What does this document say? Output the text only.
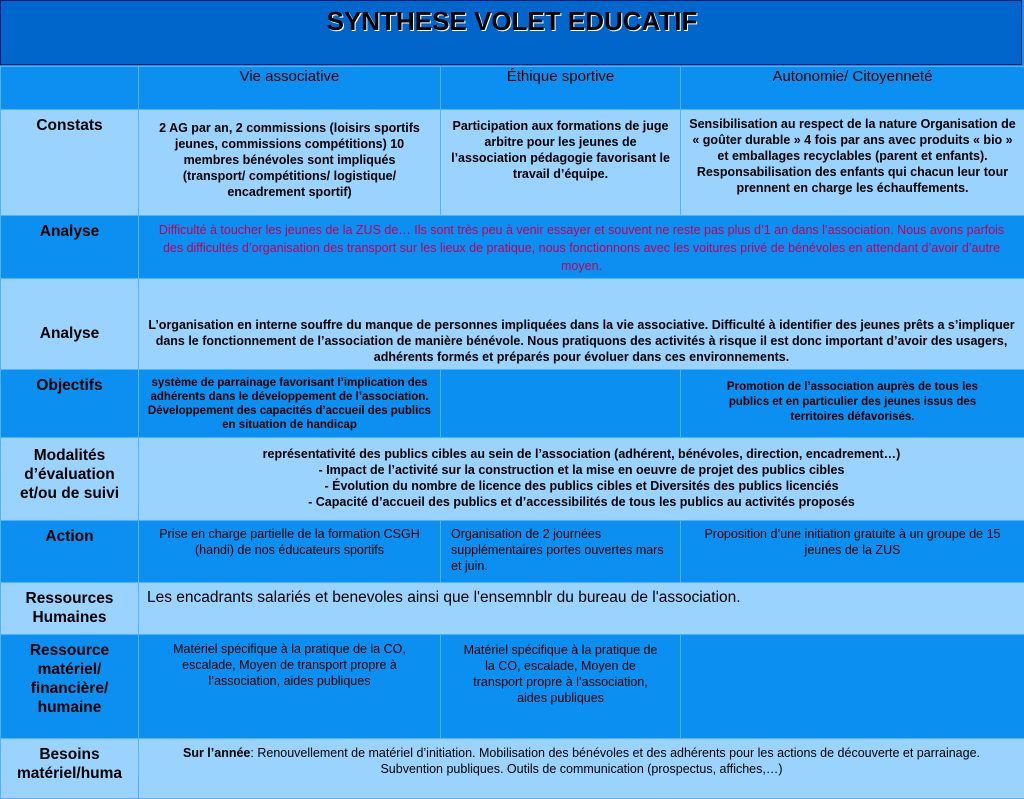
SYNTHESE VOLET EDUCATIF
	Vie associative	Éthique sportive	Autonomie/ Citoyenneté
Constats	2 AG par an, 2 commissions (loisirs sportifs jeunes, commissions compétitions) 10 membres bénévoles sont impliqués (transport/ compétitions/ logistique/ encadrement sportif)	Participation aux formations de juge arbitre pour les jeunes de l’association pédagogie favorisant le travail d’équipe.	Sensibilisation au respect de la nature Organisation de « goûter durable » 4 fois par ans avec produits « bio » et emballages recyclables (parent et enfants). Responsabilisation des enfants qui chacun leur tour prennent en charge les échauffements.
Analyse	Difficulté à toucher les jeunes de la ZUS de… Ils sont très peu à venir essayer et souvent ne reste pas plus d’1 an dans l’association. Nous avons parfois des difficultés d’organisation des transport sur les lieux de pratique, nous fonctionnons avec les voitures privé de bénévoles en attendant d’avoir d’autre moyen.		
Analyse	L’organisation en interne souffre du manque de personnes impliquées dans la vie associative. Difficulté à identifier des jeunes prêts a s’impliquer dans le fonctionnement de l’association de manière bénévole. Nous pratiquons des activités à risque il est donc important d’avoir des usagers, adhérents formés et préparés pour évoluer dans ces environnements.		
Objectifs	système de parrainage favorisant l’implication des adhérents dans le développement de l’association. Développement des capacités d’accueil des publics en situation de handicap		Promotion de l’association auprès de tous les publics et en particulier des jeunes issus des territoires défavorisés.
Modalités d’évaluation et/ou de suivi	représentativité des publics cibles au sein de l’association (adhérent, bénévoles, direction, encadrement…)
- Impact de l’activité sur la construction et la mise en oeuvre de projet des publics cibles
- Évolution du nombre de licence des publics cibles et Diversités des publics licenciés
- Capacité d’accueil des publics et d’accessibilités de tous les publics au activités proposés		

Action	Prise en charge partielle de la formation CSGH (handi) de nos éducateurs sportifs	Organisation de 2 journées supplémentaires portes ouvertes mars et juin.	Proposition d’une initiation gratuite à un groupe de 15 jeunes de la ZUS
Ressources Humaines	Les encadrants salariés et benevoles ainsi que l'ensemnblr du bureau de l'association.		
Ressource matériel/ financière/ humaine	Matériel spécifique à la pratique de la CO, escalade, Moyen de transport propre à l’association, aides publiques	Matériel spécifique à la pratique de la CO, escalade, Moyen de transport propre à l’association, aides publiques	
Besoins matériel/huma	Sur l’année: Renouvellement de matériel d’initiation. Mobilisation des bénévoles et des adhérents pour les actions de découverte et parrainage. Subvention publiques. Outils de communication (prospectus, affiches,…)		
